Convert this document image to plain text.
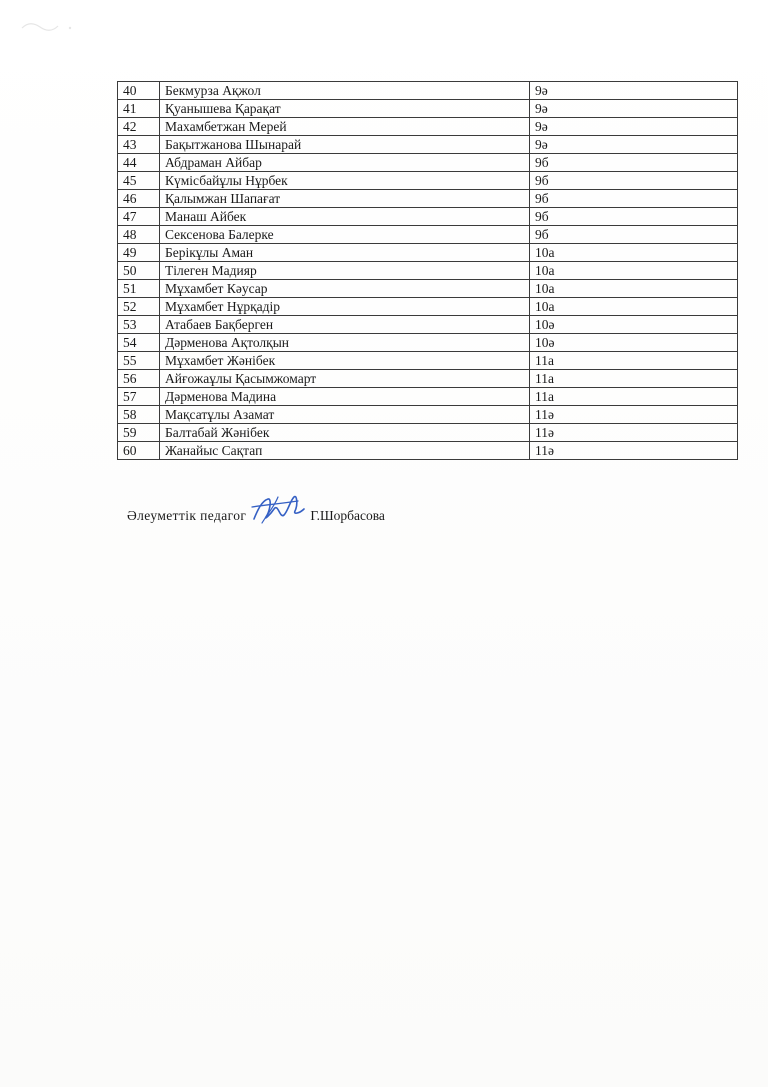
40	Бекмурза Ақжол	9ә
41	Қуанышева Қарақат	9ә
42	Махамбетжан Мерей	9ә
43	Бақытжанова Шынарай	9ә
44	Абдраман Айбар	9б
45	Күмісбайұлы Нұрбек	9б
46	Қалымжан Шапағат	9б
47	Манаш Айбек	9б
48	Сексенова Балерке	9б
49	Берікұлы Аман	10а
50	Тілеген Мадияр	10а
51	Мұхамбет Кәусар	10а
52	Мұхамбет Нұрқадір	10а
53	Атабаев Бақберген	10ә
54	Дәрменова Ақтолқын	10ә
55	Мұхамбет Жәнібек	11а
56	Айғожаұлы Қасымжомарт	11а
57	Дәрменова Мадина	11а
58	Мақсатұлы Азамат	11ә
59	Балтабай Жәнібек	11ә
60	Жанайыс Сақтап	11ә
Әлеуметтік педагог	Г.Шорбасова
